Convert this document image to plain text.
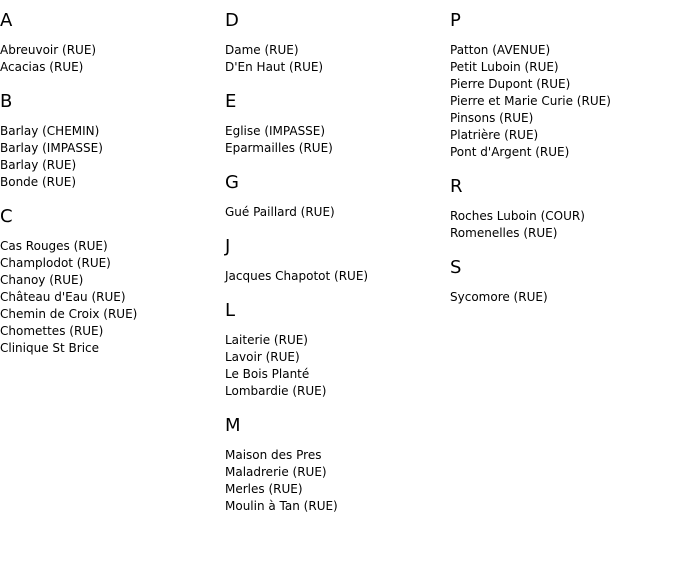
A
Abreuvoir (RUE)
Acacias (RUE)
B
Barlay (CHEMIN)
Barlay (IMPASSE)
Barlay (RUE)
Bonde (RUE)
C
Cas Rouges (RUE)
Champlodot (RUE)
Chanoy (RUE)
Château d'Eau (RUE)
Chemin de Croix (RUE)
Chomettes (RUE)
Clinique St Brice
D
Dame (RUE)
D'En Haut (RUE)
E
Eglise (IMPASSE)
Eparmailles (RUE)
G
Gué Paillard (RUE)
J
Jacques Chapotot (RUE)
L
Laiterie (RUE)
Lavoir (RUE)
Le Bois Planté
Lombardie (RUE)
M
Maison des Pres
Maladrerie (RUE)
Merles (RUE)
Moulin à Tan (RUE)
P
Patton (AVENUE)
Petit Luboin (RUE)
Pierre Dupont (RUE)
Pierre et Marie Curie (RUE)
Pinsons (RUE)
Platrière (RUE)
Pont d'Argent (RUE)
R
Roches Luboin (COUR)
Romenelles (RUE)
S
Sycomore (RUE)
